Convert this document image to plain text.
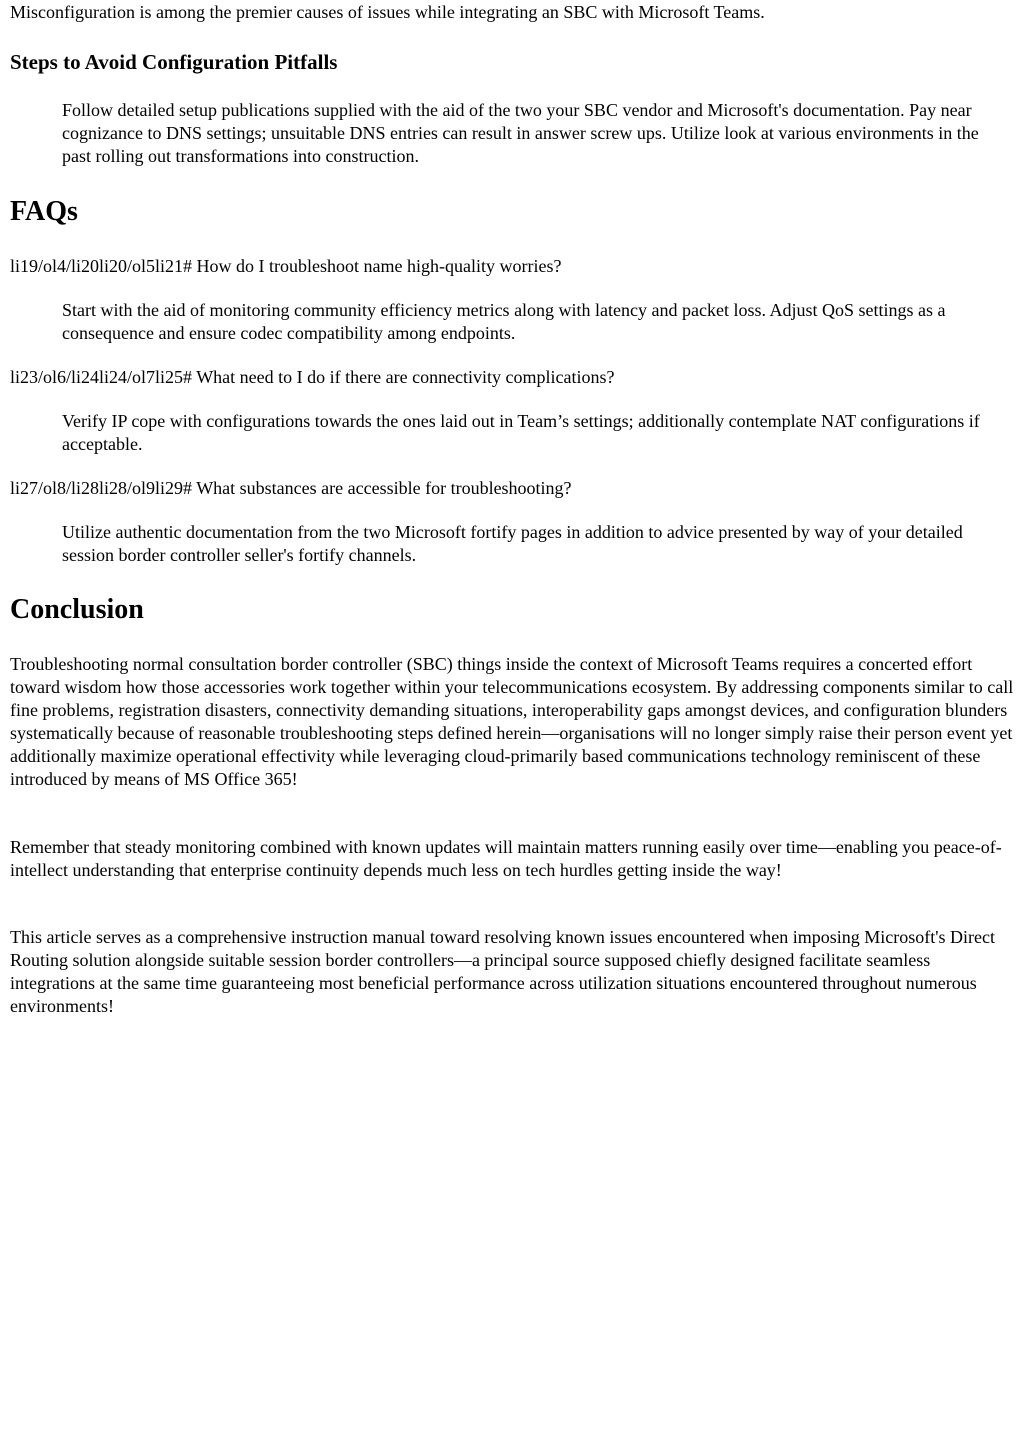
Misconfiguration is among the premier causes of issues while integrating an SBC with Microsoft Teams.

Steps to Avoid Configuration Pitfalls

Follow detailed setup publications supplied with the aid of the two your SBC vendor and Microsoft's documentation. Pay near cognizance to DNS settings; unsuitable DNS entries can result in answer screw ups. Utilize look at various environments in the past rolling out transformations into construction.

FAQs

li19/ol4/li20li20/ol5li21# How do I troubleshoot name high-quality worries?

Start with the aid of monitoring community efficiency metrics along with latency and packet loss. Adjust QoS settings as a consequence and ensure codec compatibility among endpoints.

li23/ol6/li24li24/ol7li25# What need to I do if there are connectivity complications?

Verify IP cope with configurations towards the ones laid out in Team’s settings; additionally contemplate NAT configurations if acceptable.

li27/ol8/li28li28/ol9li29# What substances are accessible for troubleshooting?

Utilize authentic documentation from the two Microsoft fortify pages in addition to advice presented by way of your detailed session border controller seller's fortify channels.

Conclusion

Troubleshooting normal consultation border controller (SBC) things inside the context of Microsoft Teams requires a concerted effort toward wisdom how those accessories work together within your telecommunications ecosystem. By addressing components similar to call fine problems, registration disasters, connectivity demanding situations, interoperability gaps amongst devices, and configuration blunders systematically because of reasonable troubleshooting steps defined herein—organisations will no longer simply raise their person event yet additionally maximize operational effectivity while leveraging cloud-primarily based communications technology reminiscent of these introduced by means of MS Office 365!

Remember that steady monitoring combined with known updates will maintain matters running easily over time—enabling you peace-of-intellect understanding that enterprise continuity depends much less on tech hurdles getting inside the way!

This article serves as a comprehensive instruction manual toward resolving known issues encountered when imposing Microsoft's Direct Routing solution alongside suitable session border controllers—a principal source supposed chiefly designed facilitate seamless integrations at the same time guaranteeing most beneficial performance across utilization situations encountered throughout numerous environments!
